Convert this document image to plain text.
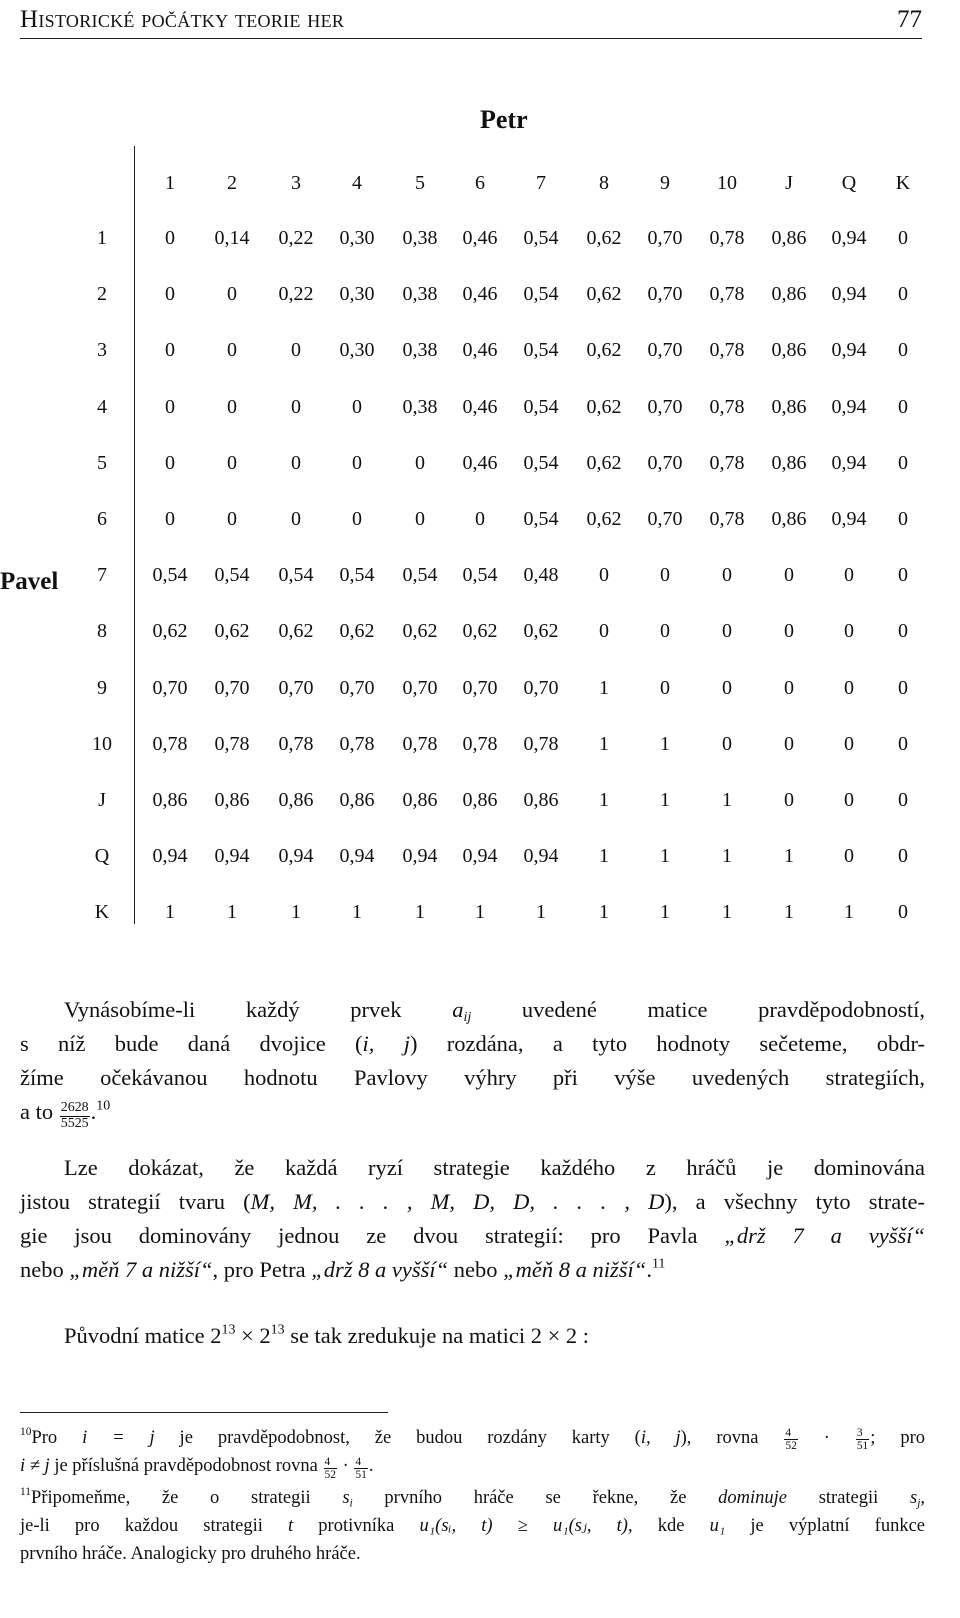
Historické počátky teorie her	77
Petr
Pavel
1	2	3	4	5	6	7	8	9 10 J Q K
1	0 0,14 0,22 0,30 0,38 0,46 0,54 0,62 0,70 0,78 0,86 0,94 0
2	0	0 0,22 0,30 0,38 0,46 0,54 0,62 0,70 0,78 0,86 0,94 0
3	0	0	0 0,30 0,38 0,46 0,54 0,62 0,70 0,78 0,86 0,94 0
4	0	0	0	0 0,38 0,46 0,54 0,62 0,70 0,78 0,86 0,94 0
5	0	0	0	0	0 0,46 0,54 0,62 0,70 0,78 0,86 0,94 0
6	0	0	0	0	0	0 0,54 0,62 0,70 0,78 0,86 0,94 0
7 0,54 0,54 0,54 0,54 0,54 0,54 0,48 0	0	0	0	0 0
8 0,62 0,62 0,62 0,62 0,62 0,62 0,62 0	0	0	0	0 0
9 0,70 0,70 0,70 0,70 0,70 0,70 0,70 1	0	0	0	0 0
10 0,78 0,78 0,78 0,78 0,78 0,78 0,78 1	1	0	0	0 0
J 0,86 0,86 0,86 0,86 0,86 0,86 0,86 1	1	1	0	0 0
Q 0,94 0,94 0,94 0,94 0,94 0,94 0,94 1	1	1	1	0 0
K	1	1	1	1	1	1	1	1	1	1	1	1 0

Vynásobíme-li každý prvek $a_{ij}$ uvedené matice pravděpodobností,
s níž bude daná dvojice (i, j) rozdána, a tyto hodnoty sečeteme, obdr-
žíme očekávanou hodnotu Pavlovy výhry při výše uvedených strategiích,
a to $\frac{2628}{5525} .^{10}$

Lze dokázat, že každá ryzí strategie každého z hráčů je dominována
jistou strategií tvaru (M, M, . . . , M, D, D, . . . , D), a všechny tyto strate-
gie jsou dominovány jednou ze dvou strategií: pro Pavla „drž 7 a vyšší“
nebo „měň 7 a nižší“, pro Petra „drž 8 a vyšší“ nebo „měň 8 a nižší“.$^{11}$

Původní matice $2^{13} \times 2^{13}$ se tak zredukuje na matici 2 × 2 :

$^{10}$Pro i = j je pravděpodobnost, že budou rozdány karty (i, j), rovna $\frac{4}{52} \cdot \frac{3}{51}$ ; pro
i ≠ j je příslušná pravděpodobnost rovna $\frac{4}{52} \cdot \frac{4}{51}$ .

$^{11}$Připomeňme, že o strategii $s_i$ prvního hráče se řekne, že dominuje strategii $s_j$,
je-li pro každou strategii t protivníka u₁(sᵢ, t) ≥ u₁(sⱼ, t), kde u₁ je výplatní funkce
prvního hráče. Analogicky pro druhého hráče.
